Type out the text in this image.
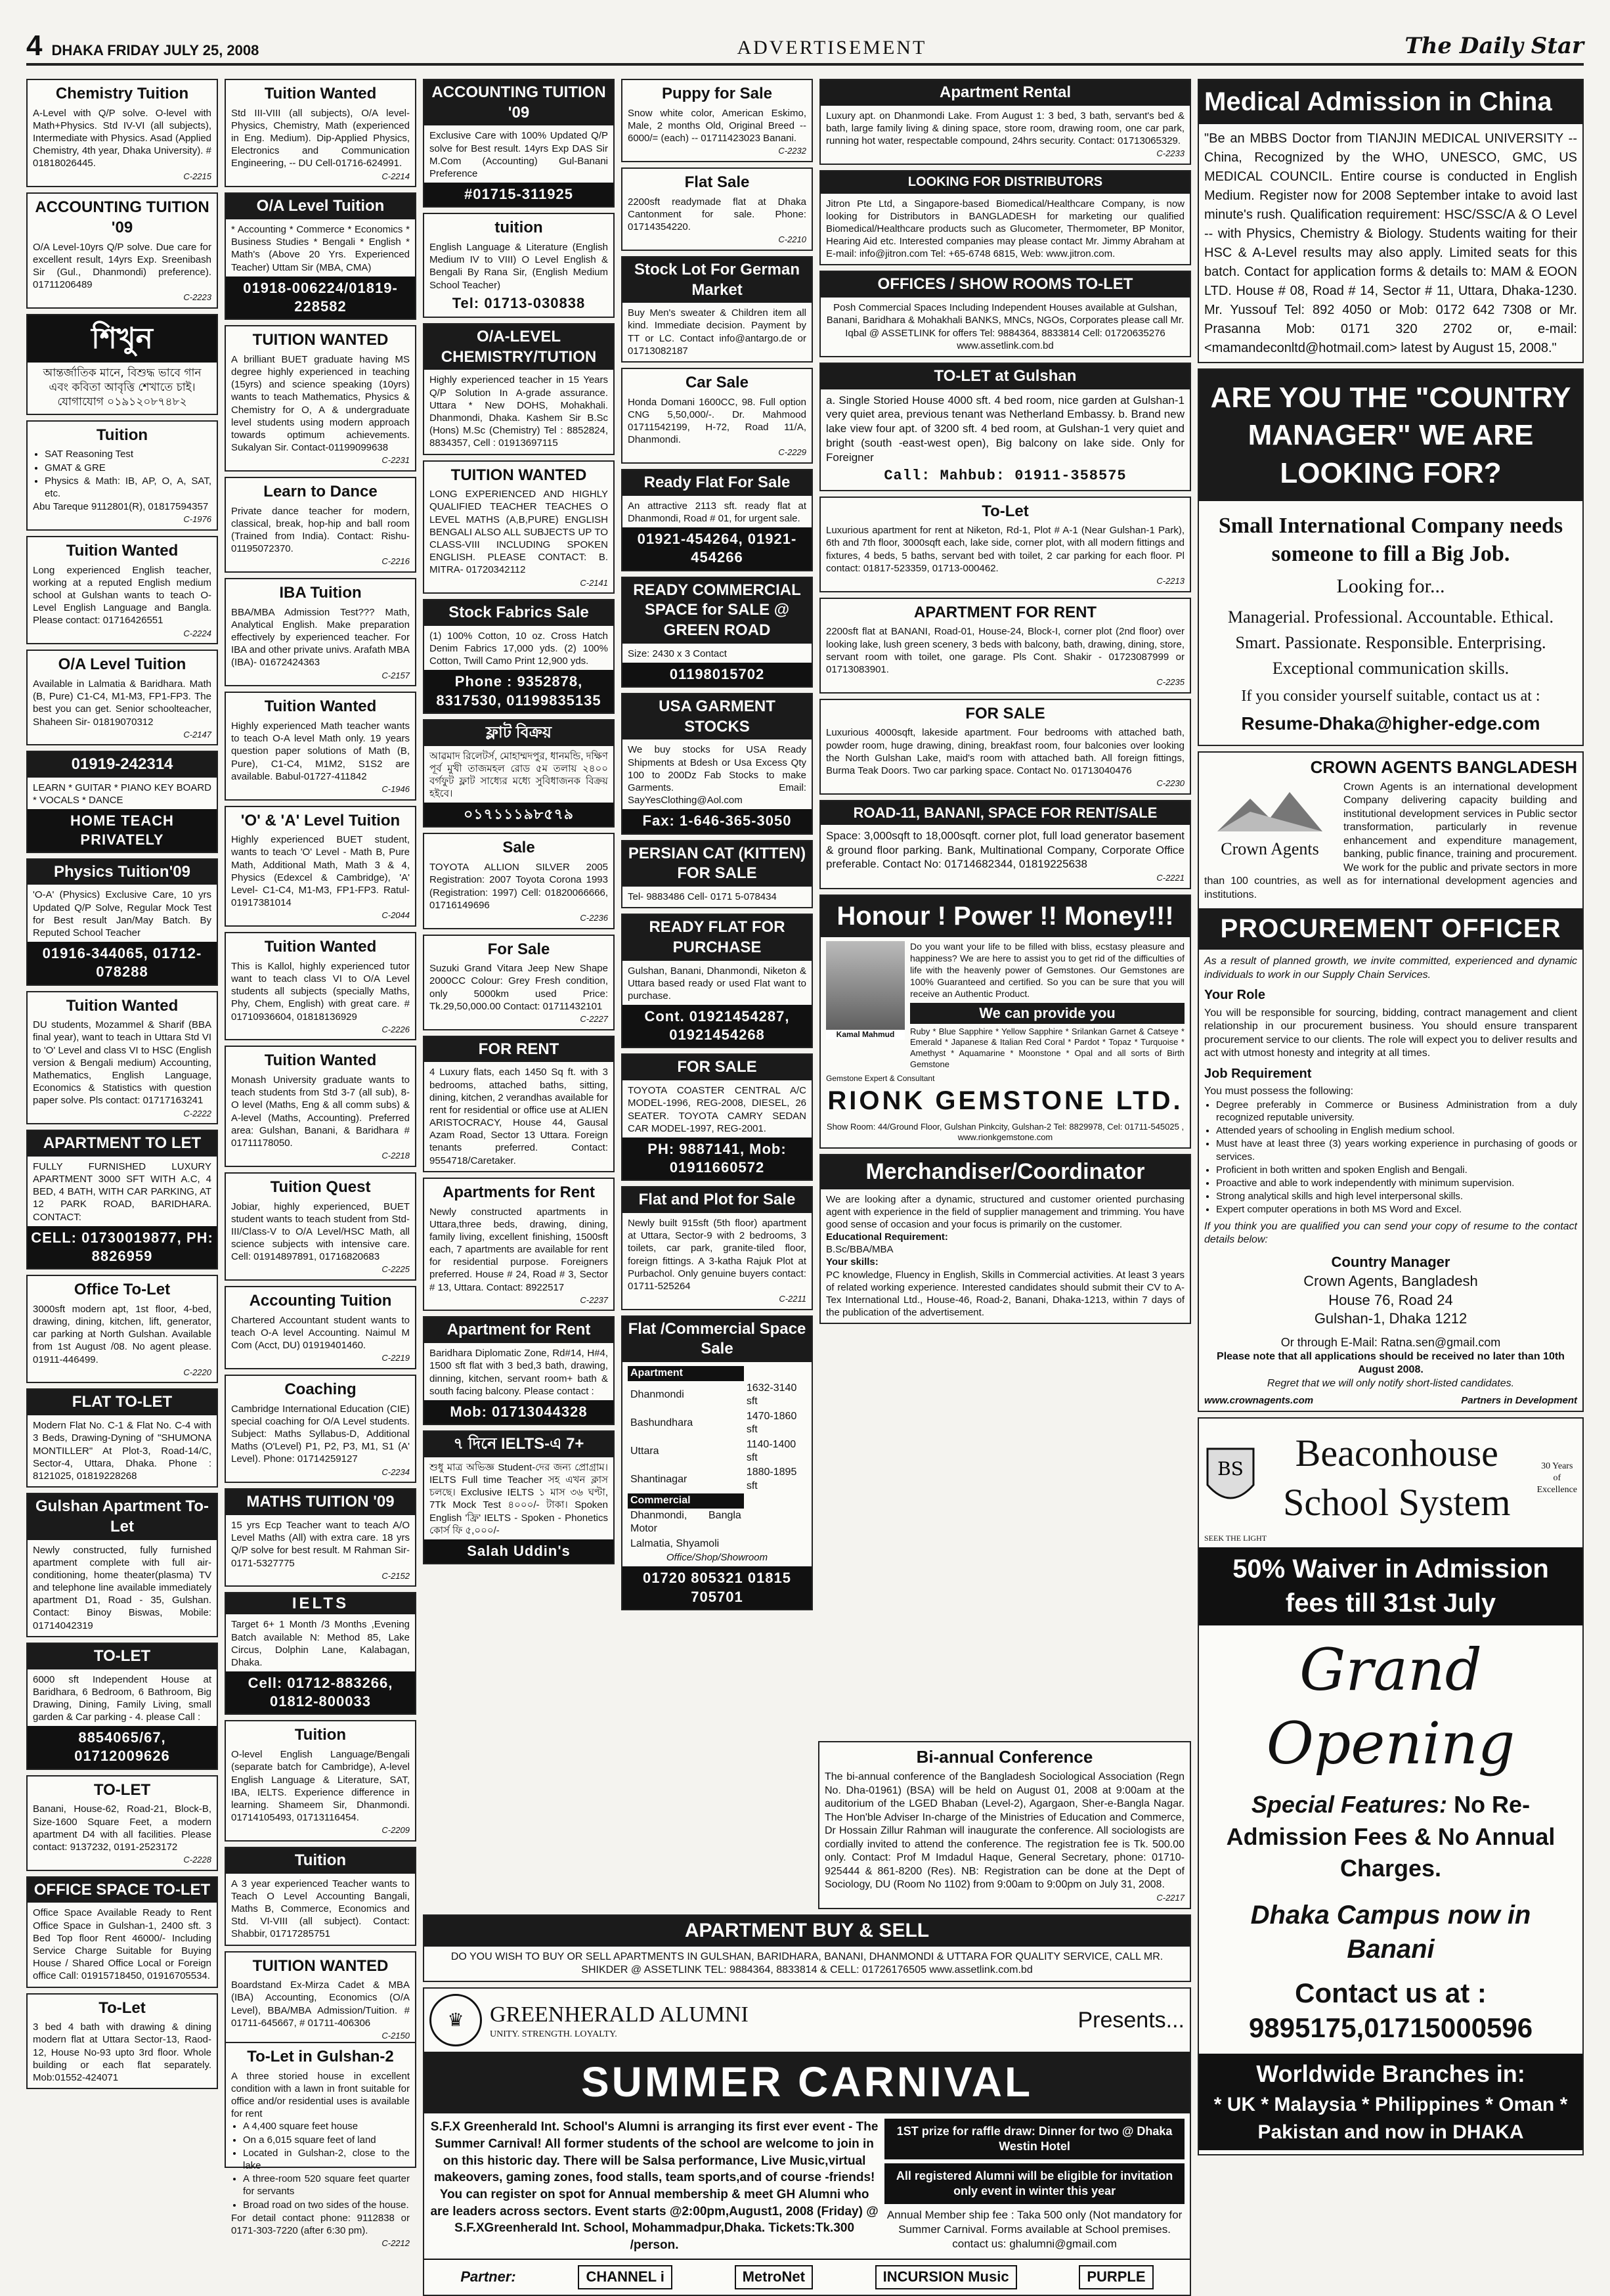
4 DHAKA FRIDAY JULY 25, 2008	ADVERTISEMENT	The Daily Star
Chemistry Tuition
A-Level with Q/P solve. O-level with Math+Physics. Std IV-VI (all subjects), Intermediate with Physics. Asad (Applied Chemistry, 4th year, Dhaka University). # 01818026445.
C-2215
ACCOUNTING TUITION '09
O/A Level-10yrs Q/P solve. Due care for excellent result, 14yrs Exp. Sreenibash Sir (Gul., Dhanmondi) preference). 01711206489
C-2223
শিখুন
আন্তর্জাতিক মানে, বিশুদ্ধ ভাবে গান এবং কবিতা আবৃত্তি শেখাতে চাই। যোগাযোগ ০১৯১২০৮৭৪৮২
Tuition
• SAT Reasoning Test
• GMAT & GRE
• Physics & Math: IB, AP, O, A, SAT, etc.
Abu Tareque 9112801(R), 01817594357
C-1976
Tuition Wanted
Long experienced English teacher, working at a reputed English medium school at Gulshan wants to teach O-Level English Language and Bangla. Please contact: 01716426551
C-2224
O/A Level Tuition
Available in Lalmatia & Baridhara. Math (B, Pure) C1-C4, M1-M3, FP1-FP3. The best you can get. Senior schoolteacher, Shaheen Sir- 01819070312
C-2147
01919-242314
LEARN * GUITAR * PIANO KEY BOARD * VOCALS * DANCE
HOME TEACH PRIVATELY
Physics Tuition'09
'O-A' (Physics) Exclusive Care, 10 yrs Updated Q/P Solve, Regular Mock Test for Best result Jan/May Batch. By Reputed School Teacher
01916-344065, 01712-078288
Tuition Wanted
DU students, Mozammel & Sharif (BBA final year), want to teach in Uttara Std VI to 'O' Level and class VI to HSC (English version & Bengali medium) Accounting, Mathematics, English Language, Economics & Statistics with question paper solve. Pls contact: 01717163241
C-2222
APARTMENT TO LET
FULLY FURNISHED LUXURY APARTMENT 3000 SFT WITH A.C, 4 BED, 4 BATH, WITH CAR PARKING, AT 12 PARK ROAD, BARIDHARA. CONTACT:
CELL: 01730019877, PH: 8826959
Office To-Let
3000sft modern apt, 1st floor, 4-bed, drawing, dining, kitchen, lift, generator, car parking at North Gulshan. Available from 1st August /08. No agent please. 01911-446499.
C-2220
FLAT TO-LET
Modern Flat No. C-1 & Flat No. C-4 with 3 Beds, Drawing-Dyning of "SHUMONA MONTILLER" At Plot-3, Road-14/C, Sector-4, Uttara, Dhaka. Phone : 8121025, 01819228268
Gulshan Apartment To-Let
Newly constructed, fully furnished apartment complete with full air-conditioning, home theater(plasma) TV and telephone line available immediately apartment D1, Road - 35, Gulshan. Contact: Binoy Biswas, Mobile: 01714042319
TO-LET
6000 sft Independent House at Baridhara, 6 Bedroom, 6 Bathroom, Big Drawing, Dining, Family Living, small garden & Car parking - 4. please Call :
8854065/67, 01712009626
TO-LET
Banani, House-62, Road-21, Block-B, Size-1600 Square Feet, a modern apartment D4 with all facilities. Please contact: 9137232, 0191-2523172
C-2228
OFFICE SPACE TO-LET
Office Space Available Ready to Rent Office Space in Gulshan-1, 2400 sft. 3 Bed Top floor Rent 46000/- Including Service Charge Suitable for Buying House / Shared Office Local or Foreign office Call: 01915718450, 01916705534.
To-Let
3 bed 4 bath with drawing & dining modern flat at Uttara Sector-13, Raod-12, House No-93 upto 3rd floor. Whole building or each flat separately. Mob:01552-424071
Tuition Wanted
Std III-VIII (all subjects), O/A level-Physics, Chemistry, Math (experienced in Eng. Medium). Dip-Applied Physics, Electronics and Communication Engineering, -- DU Cell-01716-624991.
C-2214
O/A Level Tuition
* Accounting * Commerce * Economics * Business Studies * Bengali * English * Math's (Above 20 Yrs. Experienced Teacher) Uttam Sir (MBA, CMA)
01918-006224/01819-228582
TUITION WANTED
A brilliant BUET graduate having MS degree highly experienced in teaching (15yrs) and science speaking (10yrs) wants to teach Mathematics, Physics & Chemistry for O, A & undergraduate level students using modern approach towards optimum achievements. Sukalyan Sir. Contact-01199099638
C-2231
Learn to Dance
Private dance teacher for modern, classical, break, hop-hip and ball room (Trained from India). Contact: Rishu-01195072370.
C-2216
IBA Tuition
BBA/MBA Admission Test??? Math, Analytical English. Make preparation effectively by experienced teacher. For IBA and other private univs. Arafath MBA (IBA)- 01672424363
C-2157
Tuition Wanted
Highly experienced Math teacher wants to teach O-A level Math only. 19 years question paper solutions of Math (B, Pure), C1-C4, M1M2, S1S2 are available. Babul-01727-411842
C-1946
'O' & 'A' Level Tuition
Highly experienced BUET student, wants to teach 'O' Level - Math B, Pure Math, Additional Math, Math 3 & 4, Physics (Edexcel & Cambridge), 'A' Level- C1-C4, M1-M3, FP1-FP3. Ratul-01917381014
C-2044
Tuition Wanted
This is Kallol, highly experienced tutor want to teach class VI to O/A Level students all subjects (specially Maths, Phy, Chem, English) with great care. # 01710936604, 01818136929
C-2226
Tuition Wanted
Monash University graduate wants to teach students from Std 3-7 (all sub), 8-O level (Maths, Eng & all comm subs) & A-level (Maths, Accounting). Preferred area: Gulshan, Banani, & Baridhara # 01711178050.
C-2218
Tuition Quest
Jobiar, highly experienced, BUET student wants to teach student from Std-III/Class-V to O/A Level/HSC Math, all science subjects with intensive care. Cell: 01914897891, 01716820683
C-2225
Accounting Tuition
Chartered Accountant student wants to teach O-A level Accounting. Naimul M Com (Acct, DU) 01919401460.
C-2219
Coaching
Cambridge International Education (CIE) special coaching for O/A Level students. Subject: Maths Syllabus-D, Additional Maths (O'Level) P1, P2, P3, M1, S1 (A' Level). Phone: 01714259127
C-2234
MATHS TUITION '09
15 yrs Ecp Teacher want to teach A/O Level Maths (All) with extra care. 18 yrs Q/P solve for best result. M Rahman Sir- 0171-5327775
C-2152
IELTS
Target 6+ 1 Month /3 Months ,Evening Batch available N: Method 85, Lake Circus, Dolphin Lane, Kalabagan, Dhaka.
Cell: 01712-883266, 01812-800033
Tuition
O-level English Language/Bengali (separate batch for Cambridge), A-level English Language & Literature, SAT, IBA, IELTS. Experience difference in learning. Shameem Sir, Dhanmondi. 01714105493, 01713116454.
C-2209
Tuition
A 3 year experienced Teacher wants to Teach O Level Accounting Bangali, Maths B, Commerce, Economics and Std. VI-VIII (all subject). Contact: Shabbir, 01717285751
TUITION WANTED
Boardstand Ex-Mirza Cadet & MBA (IBA) Accounting, Economics (O/A Level), BBA/MBA Admission/Tuition. # 01711-645667, # 01711-406306
C-2150
ACCOUNTING TUITION '09
Exclusive Care with 100% Updated Q/P solve for Best result. 14yrs Exp DAS Sir M.Com (Accounting) Gul-Banani Preference
#01715-311925
tuition
English Language & Literature (English Medium IV to VIII) O Level English & Bengali By Rana Sir, (English Medium School Teacher)
Tel: 01713-030838
O/A-LEVEL CHEMISTRY/TUTION
Highly experienced teacher in 15 Years Q/P Solution In A-grade assurance. Uttara * New DOHS, Mohakhali. Dhanmondi, Dhaka. Kashem Sir B.Sc (Hons) M.Sc (Chemistry) Tel : 8852824, 8834357, Cell : 01913697115
TUITION WANTED
LONG EXPERIENCED AND HIGHLY QUALIFIED TEACHER TEACHES O LEVEL MATHS (A,B,PURE) ENGLISH BENGALI ALSO ALL SUBJECTS UP TO CLASS-VIII INCLUDING SPOKEN ENGLISH. PLEASE CONTACT: B. MITRA- 01720342112
C-2141
Stock Fabrics Sale
(1) 100% Cotton, 10 oz. Cross Hatch Denim Fabrics 17,000 yds. (2) 100% Cotton, Twill Camo Print 12,900 yds.
Phone : 9352878, 8317530, 01199835135
ফ্লাট বিক্রয়
আৱমাদ রিলেটর্স, মোহাম্মদপুর, ধানমন্ডি, দক্ষিণ পূর্ব মুখী তাজমহল রোড ৫ম তলায় ২৪০০ বর্গফুট ফ্লাট সাধ্যের মধ্যে সুবিধাজনক বিক্রয় হইবে।
০১৭১১১৯৮৫৭৯
Sale
TOYOTA ALLION SILVER 2005 Registration: 2007 Toyota Corona 1993 (Registration: 1997) Cell: 01820066666, 01716149696
C-2236
For Sale
Suzuki Grand Vitara Jeep New Shape 2000CC Colour: Grey Fresh condition, only 5000km used Price: Tk.29,50,000.00 Contact: 01711432101
C-2227
FOR RENT
4 Luxury flats, each 1450 Sq ft. with 3 bedrooms, attached baths, sitting, dining, kitchen, 2 verandhas available for rent for residential or office use at ALIEN ARISTOCRACY, House 44, Gausal Azam Road, Sector 13 Uttara. Foreign tenants preferred. Contact: 9554718/Caretaker.
Apartments for Rent
Newly constructed apartments in Uttara,three beds, drawing, dining, family living, excellent finishing, 1500sft each, 7 apartments are available for rent for residential purpose. Foreigners preferred. House # 24, Road # 3, Sector # 13, Uttara. Contact: 8922517
C-2237
Apartment for Rent
Baridhara Diplomatic Zone, Rd#14, H#4, 1500 sft flat with 3 bed,3 bath, drawing, dinning, kitchen, servant room+ bath & south facing balcony. Please contact :
Mob: 01713044328
৭ দিনে IELTS-এ 7+
শুধু মাত্র অভিজ্ঞ Student-দের জন্য প্রোগ্রাম। IELTS Full time Teacher সহ এখন ক্লাস চলছে। Exclusive IELTS ১ মাস ৩৬ ঘণ্টা, 7Tk Mock Test ৪০০০/- টাকা। Spoken English 'ফ্রি' IELTS - Spoken - Phonetics কোর্স ফি ৫,০০০/-
Salah Uddin's
Puppy for Sale
Snow white color, American Eskimo, Male, 2 months Old, Original Breed -- 6000/= (each) -- 01711423023 Banani.
C-2232
Flat Sale
2200sft readymade flat at Dhaka Cantonment for sale. Phone: 01714354220.
C-2210
Stock Lot For German Market
Buy Men's sweater & Children item all kind. Immediate decision. Payment by TT or LC. Contact info@antargo.de or 01713082187
Car Sale
Honda Domani 1600CC, 98. Full option CNG 5,50,000/-. Dr. Mahmood 01711542199, H-72, Road 11/A, Dhanmondi.
C-2229
Ready Flat For Sale
An attractive 2113 sft. ready flat at Dhanmondi, Road # 01, for urgent sale.
01921-454264, 01921-454266
READY COMMERCIAL SPACE for SALE @ GREEN ROAD
Size: 2430 x 3 Contact
01198015702
USA GARMENT STOCKS
We buy stocks for USA Ready Shipments at Bdesh or Usa Excess Qty 100 to 200Dz Fab Stocks to make Garments. Email: SayYesClothing@Aol.com
Fax: 1-646-365-3050
PERSIAN CAT (KITTEN) FOR SALE
Tel- 9883486 Cell- 0171 5-078434
READY FLAT FOR PURCHASE
Gulshan, Banani, Dhanmondi, Niketon & Uttara based ready or used Flat want to purchase.
Cont. 01921454287, 01921454268
FOR SALE
TOYOTA COASTER CENTRAL A/C MODEL-1996, REG-2008, DIESEL, 26 SEATER. TOYOTA CAMRY SEDAN CAR MODEL-1997, REG-2001.
PH: 9887141, Mob: 01911660572
Flat and Plot for Sale
Newly built 915sft (5th floor) apartment at Uttara, Sector-9 with 2 bedrooms, 3 toilets, car park, granite-tiled floor, foreign fittings. A 3-katha Rajuk Plot at Purbachol. Only genuine buyers contact: 01711-525264
C-2211
Flat /Commercial Space Sale
Apartment	
Dhanmondi	1632-3140 sft
Bashundhara	1470-1860 sft
Uttara	1140-1400 sft
Shantinagar	1880-1895 sft
Commercial	
Dhanmondi, Bangla Motor	
Lalmatia, Shyamoli	
Office/Shop/Showroom
01720 805321 01815 705701
Apartment Rental
Luxury apt. on Dhanmondi Lake. From August 1: 3 bed, 3 bath, servant's bed & bath, large family living & dining space, store room, drawing room, one car park, running hot water, respectable compound, 24hrs security. Contact: 01713065329.
C-2233
LOOKING FOR DISTRIBUTORS
Jitron Pte Ltd, a Singapore-based Biomedical/Healthcare Company, is now looking for Distributors in BANGLADESH for marketing our qualified Biomedical/Healthcare products such as Glucometer, Thermometer, BP Monitor, Hearing Aid etc. Interested companies may please contact Mr. Jimmy Abraham at E-mail: info@jitron.com Tel: +65-6748 6815, Web: www.jitron.com.
OFFICES / SHOW ROOMS TO-LET
Posh Commercial Spaces Including Independent Houses available at Gulshan, Banani, Baridhara & Mohakhali BANKS, MNCs, NGOs, Corporates please call Mr. Iqbal @ ASSETLINK for offers Tel: 9884364, 8833814 Cell: 01720635276 www.assetlink.com.bd
TO-LET at Gulshan
a. Single Storied House 4000 sft. 4 bed room, nice garden at Gulshan-1 very quiet area, previous tenant was Netherland Embassy. b. Brand new lake view four apt. of 3200 sft. 4 bed room, at Gulshan-1 very quiet and bright (south -east-west open), Big balcony on lake side. Only for Foreigner
Call: Mahbub: 01911-358575
To-Let
Luxurious apartment for rent at Niketon, Rd-1, Plot # A-1 (Near Gulshan-1 Park), 6th and 7th floor, 3000sqft each, lake side, corner plot, with all modern fittings and fixtures, 4 beds, 5 baths, servant bed with toilet, 2 car parking for each floor. Pl contact: 01817-523359, 01713-000462.
C-2213
APARTMENT FOR RENT
2200sft flat at BANANI, Road-01, House-24, Block-I, corner plot (2nd floor) over looking lake, lush green scenery, 3 beds with balcony, bath, drawing, dining, store, servant room with toilet, one garage. Pls Cont. Shakir - 01723087999 or 01713083901.
C-2235
FOR SALE
Luxurious 4000sqft, lakeside apartment. Four bedrooms with attached bath, powder room, huge drawing, dining, breakfast room, four balconies over looking the North Gulshan Lake, maid's room with attached bath. All foreign fittings, Burma Teak Doors. Two car parking space. Contact No. 01713040476
C-2230
ROAD-11, BANANI, SPACE FOR RENT/SALE
Space: 3,000sqft to 18,000sqft. corner plot, full load generator basement & ground floor parking. Bank, Multinational Company, Corporate Office preferable. Contact No: 01714682344, 01819225638
C-2221
Honour ! Power !! Money!!!
Kamal Mahmud
Do you want your life to be filled with bliss, ecstasy pleasure and happiness? We are here to assist you to get rid of the difficulties of life with the heavenly power of Gemstones. Our Gemstones are 100% Guaranteed and certified. So you can be sure that you will receive an Authentic Product.
We can provide you
Ruby * Blue Sapphire * Yellow Sapphire * Srilankan Garnet & Catseye * Emerald * Japanese & Italian Red Coral * Pardot * Topaz * Turquoise * Amethyst * Aquamarine * Moonstone * Opal and all sorts of Birth Gemstone
Gemstone Expert & Consultant
RIONK GEMSTONE LTD.
Show Room: 44/Ground Floor, Gulshan Pinkcity, Gulshan-2 Tel: 8829978, Cel: 01711-545025 , www.rionkgemstone.com
Merchandiser/Coordinator
We are looking after a dynamic, structured and customer oriented purchasing agent with experience in the field of supplier management and trimming. You have good sense of occasion and your focus is primarily on the customer.
Educational Requirement:
B.Sc/BBA/MBA
Your skills:
PC knowledge, Fluency in English, Skills in Commercial activities. At least 3 years of related working experience. Interested candidates should submit their CV to A-Tex International Ltd., House-46, Road-2, Banani, Dhaka-1213, within 7 days of the publication of the advertisement.
Bi-annual Conference
The bi-annual conference of the Bangladesh Sociological Association (Regn No. Dha-01961) (BSA) will be held on August 01, 2008 at 9:00am at the auditorium of the LGED Bhaban (Level-2), Agargaon, Sher-e-Bangla Nagar. The Hon'ble Adviser In-charge of the Ministries of Education and Commerce, Dr Hossain Zillur Rahman will inaugurate the conference. All sociologists are cordially invited to attend the conference. The registration fee is Tk. 500.00 only. Contact: Prof M Imdadul Haque, General Secretary, phone: 01710-925444 & 861-8200 (Res). NB: Registration can be done at the Dept of Sociology, DU (Room No 1102) from 9:00am to 9:00pm on July 31, 2008.
C-2217
APARTMENT BUY & SELL
DO YOU WISH TO BUY OR SELL APARTMENTS IN GULSHAN, BARIDHARA, BANANI, DHANMONDI & UTTARA FOR QUALITY SERVICE, CALL MR. SHIKDER @ ASSETLINK TEL: 9884364, 8833814 & CELL: 01726176505 www.assetlink.com.bd
♛	GREENHERALD ALUMNI
UNITY. STRENGTH. LOYALTY.
Presents...
SUMMER CARNIVAL
S.F.X Greenherald Int. School's Alumni is arranging its first ever event - The Summer Carnival! All former students of the school are welcome to join in on this historic day. There will be Salsa performance, Live Music,virtual makeovers, gaming zones, food stalls, team sports,and of course -friends! You can register on spot for Annual membership & meet GH Alumni who are leaders across sectors. Event starts @2:00pm,August1, 2008 (Friday) @ S.F.XGreenherald Int. School, Mohammadpur,Dhaka. Tickets:Tk.300 /person.
1ST prize for raffle draw: Dinner for two @ Dhaka Westin Hotel
All registered Alumni will be eligible for invitation only event in winter this year
Annual Member ship fee : Taka 500 only (Not mandatory for Summer Carnival. Forms available at School premises. contact us: ghalumni@gmail.com
Partner:	CHANNEL i	MetroNet	INCURSION Music	PURPLE
Medical Admission in China
"Be an MBBS Doctor from TIANJIN MEDICAL UNIVERSITY -- China, Recognized by the WHO, UNESCO, GMC, US MEDICAL COUNCIL. Entire course is conducted in English Medium. Register now for 2008 September intake to avoid last minute's rush. Qualification requirement: HSC/SSC/A & O Level -- with Physics, Chemistry & Biology. Students waiting for their HSC & A-Level results may also apply. Limited seats for this batch. Contact for application forms & details to: MAM & EOON LTD. House # 08, Road # 14, Sector # 11, Uttara, Dhaka-1230. Mr. Yussouf Tel: 892 4050 or Mob: 0172 642 7308 or Mr. Prasanna Mob: 0171 320 2702 or, e-mail: <mamandeconltd@hotmail.com> latest by August 15, 2008."
ARE YOU THE "COUNTRY MANAGER" WE ARE LOOKING FOR?

Small International Company needs someone to fill a Big Job.

Looking for...

Managerial. Professional. Accountable. Ethical. Smart. Passionate. Responsible. Enterprising. Exceptional communication skills.

If you consider yourself suitable, contact us at :

Resume-Dhaka@higher-edge.com

CROWN AGENTS BANGLADESH
Crown Agents
Crown Agents is an international development Company delivering capacity building and institutional development services in Public sector transformation, particularly in revenue enhancement and expenditure management, banking, public finance, training and procurement. We work for the public and private sectors in more than 100 countries, as well as for international development agencies and institutions.
PROCUREMENT OFFICER
As a result of planned growth, we invite committed, experienced and dynamic individuals to work in our Supply Chain Services.
Your Role
You will be responsible for sourcing, bidding, contract management and client relationship in our procurement business. You should ensure transparent procurement service to our clients. The role will expect you to deliver results and act with utmost honesty and integrity at all times.
Job Requirement
You must possess the following:
• Degree preferably in Commerce or Business Administration from a duly recognized reputable university.
• Attended years of schooling in English medium school.
• Must have at least three (3) years working experience in purchasing of goods or services.
• Proficient in both written and spoken English and Bengali.
• Proactive and able to work independently with minimum supervision.
• Strong analytical skills and high level interpersonal skills.
• Expert computer operations in both MS Word and Excel.
If you think you are qualified you can send your copy of resume to the contact details below:
Country Manager
Crown Agents, Bangladesh
House 76, Road 24
Gulshan-1, Dhaka 1212
Or through E-Mail: Ratna.sen@gmail.com
Please note that all applications should be received no later than 10th August 2008.
Regret that we will only notify short-listed candidates.
www.crownagents.com	Partners in Development
BS	Beaconhouse School System
30 Years of Excellence
SEEK THE LIGHT
50% Waiver in Admission fees till 31st July
Grand Opening
Special Features: No Re-Admission Fees & No Annual Charges.
Dhaka Campus now in Banani
Contact us at : 9895175,01715000596
Worldwide Branches in:
* UK * Malaysia * Philippines * Oman * Pakistan and now in DHAKA
To-Let in Gulshan-2
A three storied house in excellent condition with a lawn in front suitable for office and/or residential uses is available for rent
• A 4,400 square feet house
• On a 6,015 square feet of land
• Located in Gulshan-2, close to the lake
• A three-room 520 square feet quarter for servants
• Broad road on two sides of the house.
For detail contact phone: 9112838 or 0171-303-7220 (after 6:30 pm).
C-2212
